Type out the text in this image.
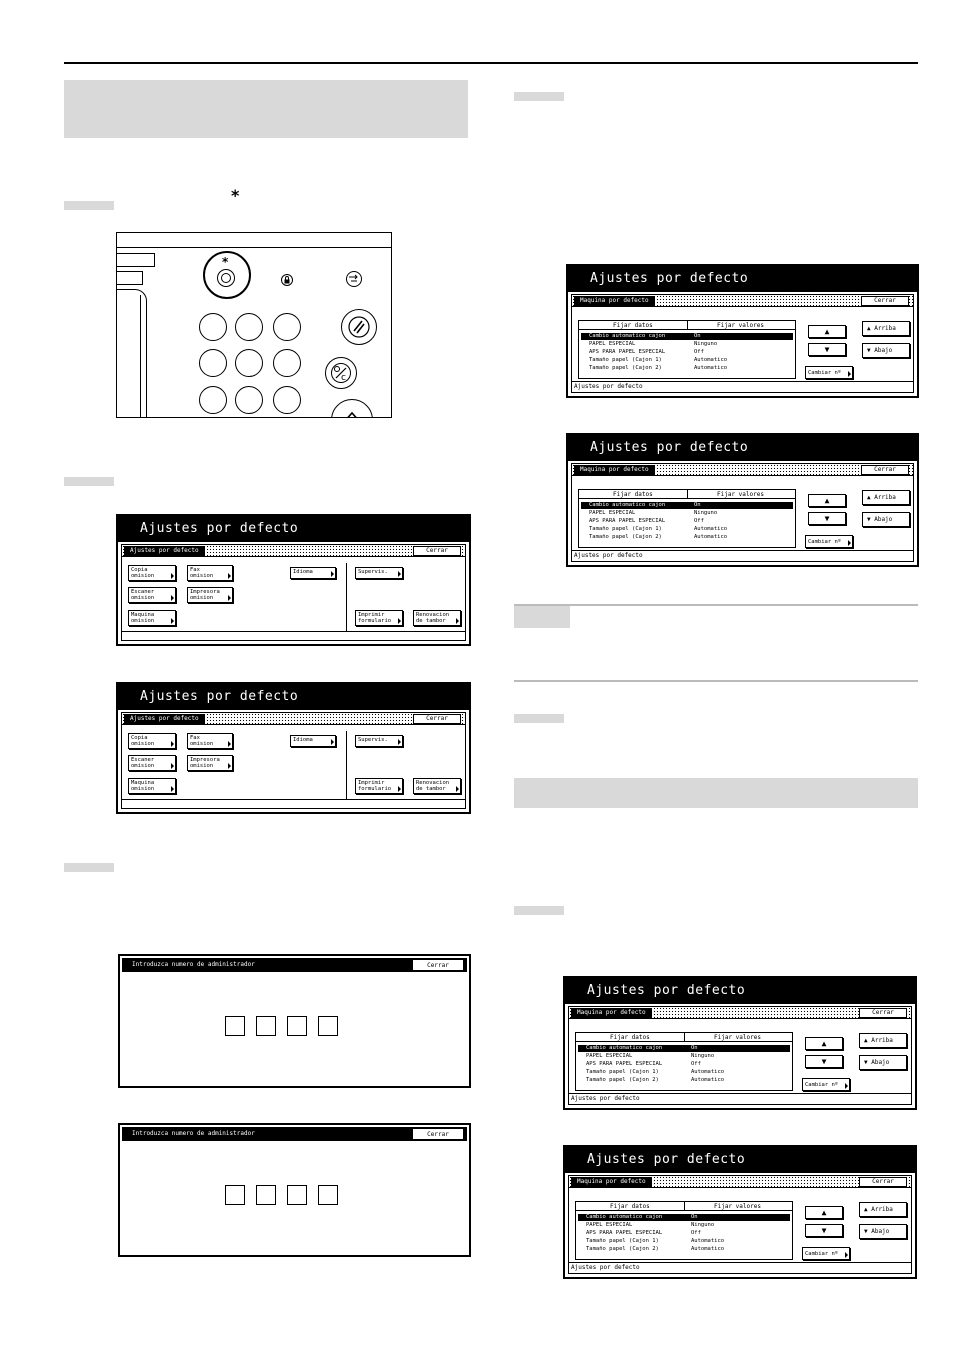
*
*
c
Ajustes por defecto
Ajustes por defecto	Cerrar
Copia
omision
Fax
omision
Idioma	Supervis.
Escaner
omision
Impresora
omision
Maquina
omision
Imprimir
formulario
Renovacion
de tambor
Ajustes por defecto
Ajustes por defecto	Cerrar
Copia
omision
Fax
omision
Idioma	Supervis.
Escaner
omision
Impresora
omision
Maquina
omision
Imprimir
formulario
Renovacion
de tambor
Introduzca numero de administrador	Cerrar
Introduzca numero de administrador	Cerrar
Ajustes por defecto
Maquina por defecto	Cerrar
Fijar datos	Fijar valores
Cambio automatico cajon	On
PAPEL ESPECIAL	Ninguno
APS PARA PAPEL ESPECIAL	Off
Tamaño papel (Cajon 1)	Automatico
Tamaño papel (Cajon 2)	Automatico
▲
▼
▲ Arriba
▼ Abajo
Cambiar nº
Ajustes por defecto
Ajustes por defecto
Maquina por defecto	Cerrar
Fijar datos	Fijar valores
Cambio automatico cajon	On
PAPEL ESPECIAL	Ninguno
APS PARA PAPEL ESPECIAL	Off
Tamaño papel (Cajon 1)	Automatico
Tamaño papel (Cajon 2)	Automatico
▲
▼
▲ Arriba
▼ Abajo
Cambiar nº
Ajustes por defecto
Ajustes por defecto
Maquina por defecto	Cerrar
Fijar datos	Fijar valores
Cambio automatico cajon	On
PAPEL ESPECIAL	Ninguno
APS PARA PAPEL ESPECIAL	Off
Tamaño papel (Cajon 1)	Automatico
Tamaño papel (Cajon 2)	Automatico
▲
▼
▲ Arriba
▼ Abajo
Cambiar nº
Ajustes por defecto
Ajustes por defecto
Maquina por defecto	Cerrar
Fijar datos	Fijar valores
Cambio automatico cajon	On
PAPEL ESPECIAL	Ninguno
APS PARA PAPEL ESPECIAL	Off
Tamaño papel (Cajon 1)	Automatico
Tamaño papel (Cajon 2)	Automatico
▲
▼
▲ Arriba
▼ Abajo
Cambiar nº
Ajustes por defecto
